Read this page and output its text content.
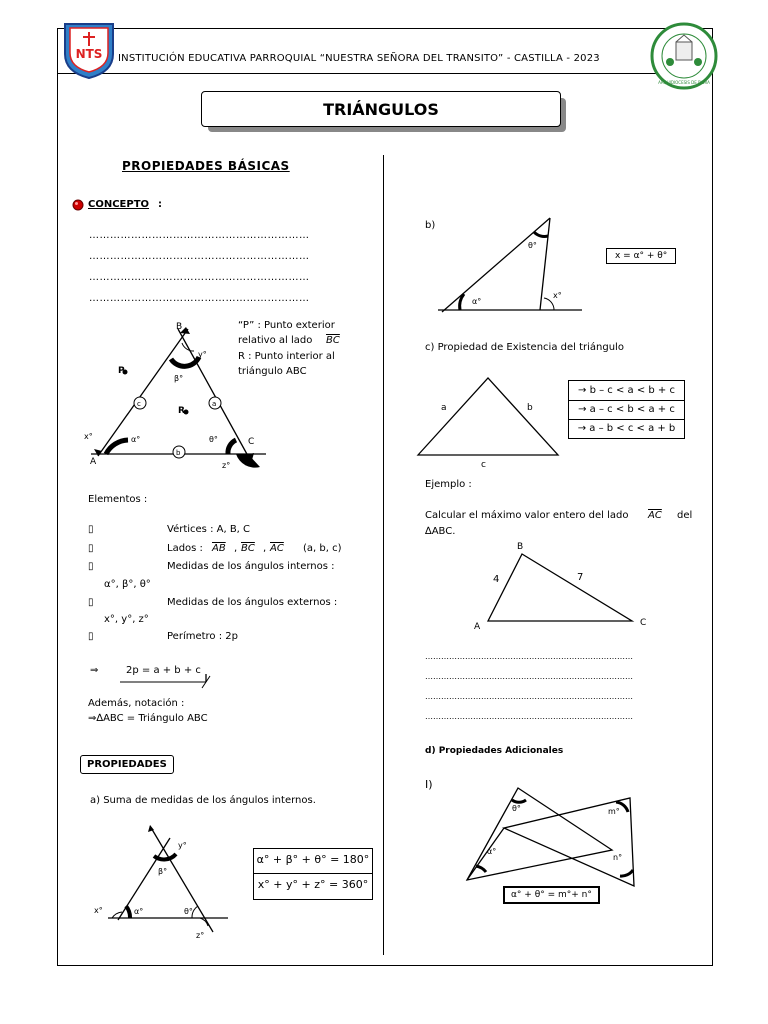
NTS INSTITUCIÓN EDUCATIVA PARROQUIAL “NUESTRA SEÑORA DEL TRANSITO” - CASTILLA - 2023
ARQUIDIOCESIS DE PIURA
TRIÁNGULOS
PROPIEDADES BÁSICAS
CONCEPTO :
………………………………………………………
………………………………………………………
………………………………………………………
………………………………………………………
B
A
C
P
R
y°
β°
x°	α°	θ°
z°
c	a
b
“P” : Punto exterior
relativo al lado $\overline{BC}$
R : Punto interior al
triángulo ABC
Elementos :
▯	Vértices : A, B, C
▯	Lados : $\overline{AB}$ , $\overline{BC}$ , $\overline{AC}$ (a, b, c)
▯	Medidas de los ángulos internos :
α°, β°, θ°
▯	Medidas de los ángulos externos :
x°, y°, z°
▯	Perímetro : 2p
⇒	2p = a + b + c
Además, notación :
⇒∆ABC = Triángulo ABC
PROPIEDADES
a) Suma de medidas de los ángulos internos.
y°
β°
x°	α°	θ°
z°
α° + β° + θ° = 180°
x° + y° + z° = 360°
b)
θ°
α°
x°
x = α° + θ°
c) Propiedad de Existencia del triángulo
a	b
c
→ b – c < a < b + c
→ a – c < b < a + c
→ a – b < c < a + b
Ejemplo :
Calcular el máximo valor entero del lado $\overline{AC}$ del
∆ABC.
B
A	C
4	7
……………………………………………………………………
……………………………………………………………………
……………………………………………………………………
……………………………………………………………………
d) Propiedades Adicionales
I)
θ°	m°
α°
n°
α° + θ° = m°+ n°
